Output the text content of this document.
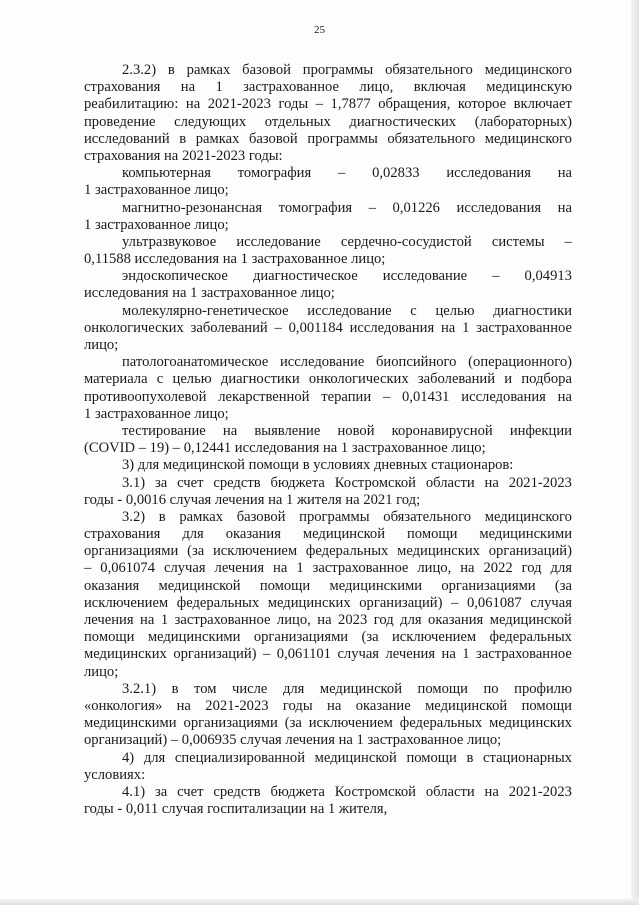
25
2.3.2) в рамках базовой программы обязательного медицинского
страхования на 1 застрахованное лицо, включая медицинскую
реабилитацию: на 2021-2023 годы – 1,7877 обращения, которое включает
проведение следующих отдельных диагностических (лабораторных)
исследований в рамках базовой программы обязательного медицинского
страхования на 2021-2023 годы:
компьютерная томография – 0,02833 исследования на
1 застрахованное лицо;
магнитно-резонансная томография – 0,01226 исследования на
1 застрахованное лицо;
ультразвуковое исследование сердечно-сосудистой системы –
0,11588 исследования на 1 застрахованное лицо;
эндоскопическое диагностическое исследование – 0,04913
исследования на 1 застрахованное лицо;
молекулярно-генетическое исследование с целью диагностики
онкологических заболеваний – 0,001184 исследования на 1 застрахованное
лицо;
патологоанатомическое исследование биопсийного (операционного)
материала с целью диагностики онкологических заболеваний и подбора
противоопухолевой лекарственной терапии – 0,01431 исследования на
1 застрахованное лицо;
тестирование на выявление новой коронавирусной инфекции
(COVID – 19) – 0,12441 исследования на 1 застрахованное лицо;
3) для медицинской помощи в условиях дневных стационаров:
3.1) за счет средств бюджета Костромской области на 2021-2023
годы - 0,0016 случая лечения на 1 жителя на 2021 год;
3.2) в рамках базовой программы обязательного медицинского
страхования для оказания медицинской помощи медицинскими
организациями (за исключением федеральных медицинских организаций)
– 0,061074 случая лечения на 1 застрахованное лицо, на 2022 год для
оказания медицинской помощи медицинскими организациями (за
исключением федеральных медицинских организаций) – 0,061087 случая
лечения на 1 застрахованное лицо, на 2023 год для оказания медицинской
помощи медицинскими организациями (за исключением федеральных
медицинских организаций) – 0,061101 случая лечения на 1 застрахованное
лицо;
3.2.1) в том числе для медицинской помощи по профилю
«онкология» на 2021-2023 годы на оказание медицинской помощи
медицинскими организациями (за исключением федеральных медицинских
организаций) – 0,006935 случая лечения на 1 застрахованное лицо;
4) для специализированной медицинской помощи в стационарных
условиях:
4.1) за счет средств бюджета Костромской области на 2021-2023
годы - 0,011 случая госпитализации на 1 жителя,
